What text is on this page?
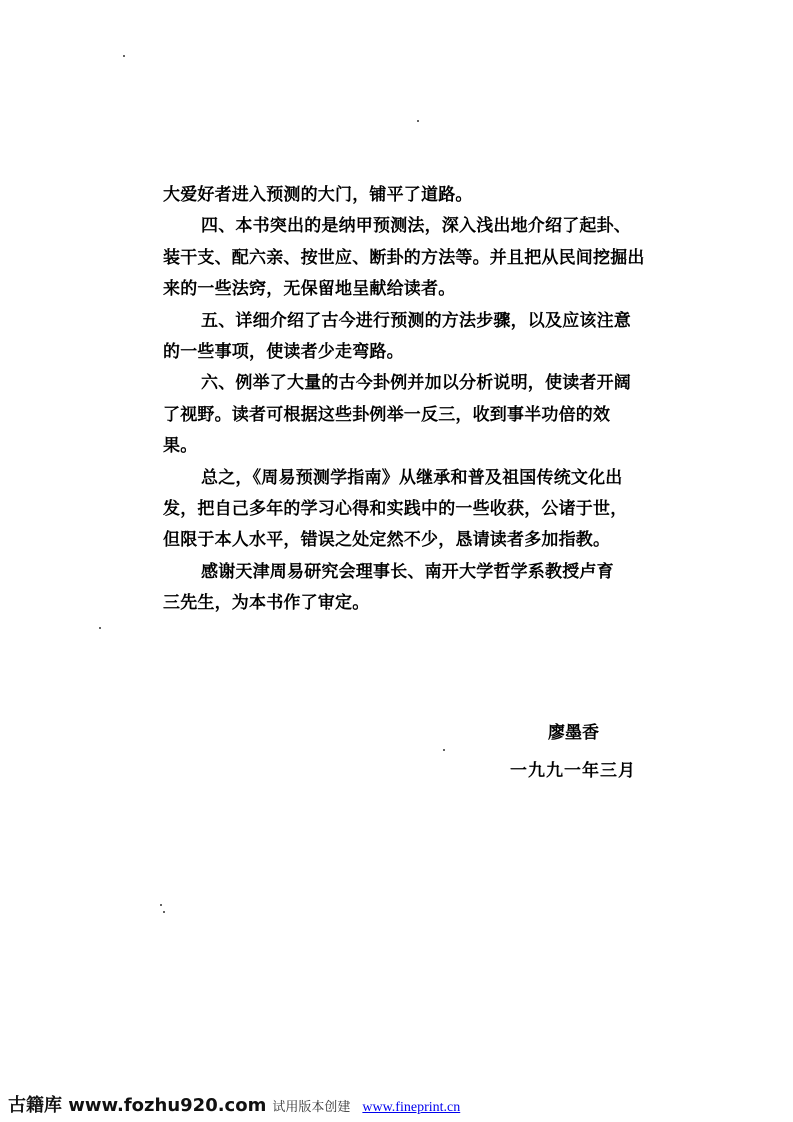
大爱好者进入预测的大门，铺平了道路。
四、本书突出的是纳甲预测法，深入浅出地介绍了起卦、
装干支、配六亲、按世应、断卦的方法等。并且把从民间挖掘出
来的一些法窍，无保留地呈献给读者。
五、详细介绍了古今进行预测的方法步骤，以及应该注意
的一些事项，使读者少走弯路。
六、例举了大量的古今卦例并加以分析说明，使读者开阔
了视野。读者可根据这些卦例举一反三，收到事半功倍的效
果。
总之，《周易预测学指南》从继承和普及祖国传统文化出
发，把自己多年的学习心得和实践中的一些收获，公诸于世，
但限于本人水平，错误之处定然不少，恳请读者多加指教。
感谢天津周易研究会理事长、南开大学哲学系教授卢育
三先生，为本书作了审定。
廖墨香
一九九一年三月
古籍库 www.fozhu920.com 试用版本创建 www.fineprint.cn
